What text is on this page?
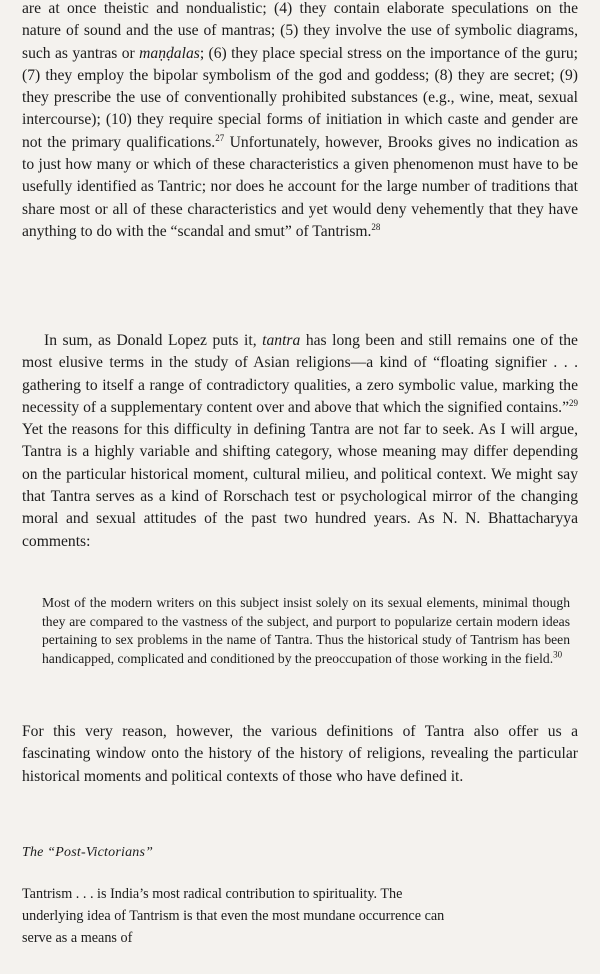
are at once theistic and nondualistic; (4) they contain elaborate speculations on the nature of sound and the use of mantras; (5) they involve the use of symbolic diagrams, such as yantras or maṇḍalas; (6) they place special stress on the importance of the guru; (7) they employ the bipolar symbolism of the god and goddess; (8) they are secret; (9) they prescribe the use of conventionally prohibited substances (e.g., wine, meat, sexual intercourse); (10) they require special forms of initiation in which caste and gender are not the primary qualifications.$^{27}$ Unfortunately, however, Brooks gives no indication as to just how many or which of these characteristics a given phenomenon must have to be usefully identified as Tantric; nor does he account for the large number of traditions that share most or all of these characteristics and yet would deny vehemently that they have anything to do with the “scandal and smut” of Tantrism.$^{28}$

In sum, as Donald Lopez puts it, tantra has long been and still remains one of the most elusive terms in the study of Asian religions—a kind of “floating signifier . . . gathering to itself a range of contradictory qualities, a zero symbolic value, marking the necessity of a supplementary content over and above that which the signified contains.”$^{29}$ Yet the reasons for this difficulty in defining Tantra are not far to seek. As I will argue, Tantra is a highly variable and shifting category, whose meaning may differ depending on the particular historical moment, cultural milieu, and political context. We might say that Tantra serves as a kind of Rorschach test or psychological mirror of the changing moral and sexual attitudes of the past two hundred years. As N. N. Bhattacharyya comments:

Most of the modern writers on this subject insist solely on its sexual elements, minimal though they are compared to the vastness of the subject, and purport to popularize certain modern ideas pertaining to sex problems in the name of Tantra. Thus the historical study of Tantrism has been handicapped, complicated and conditioned by the preoccupation of those working in the field.$^{30}$

For this very reason, however, the various definitions of Tantra also offer us a fascinating window onto the history of the history of religions, revealing the particular historical moments and political contexts of those who have defined it.

The “Post-Victorians”

Tantrism . . . is India’s most radical contribution to spirituality. The underlying idea of Tantrism is that even the most mundane occurrence can serve as a means of
